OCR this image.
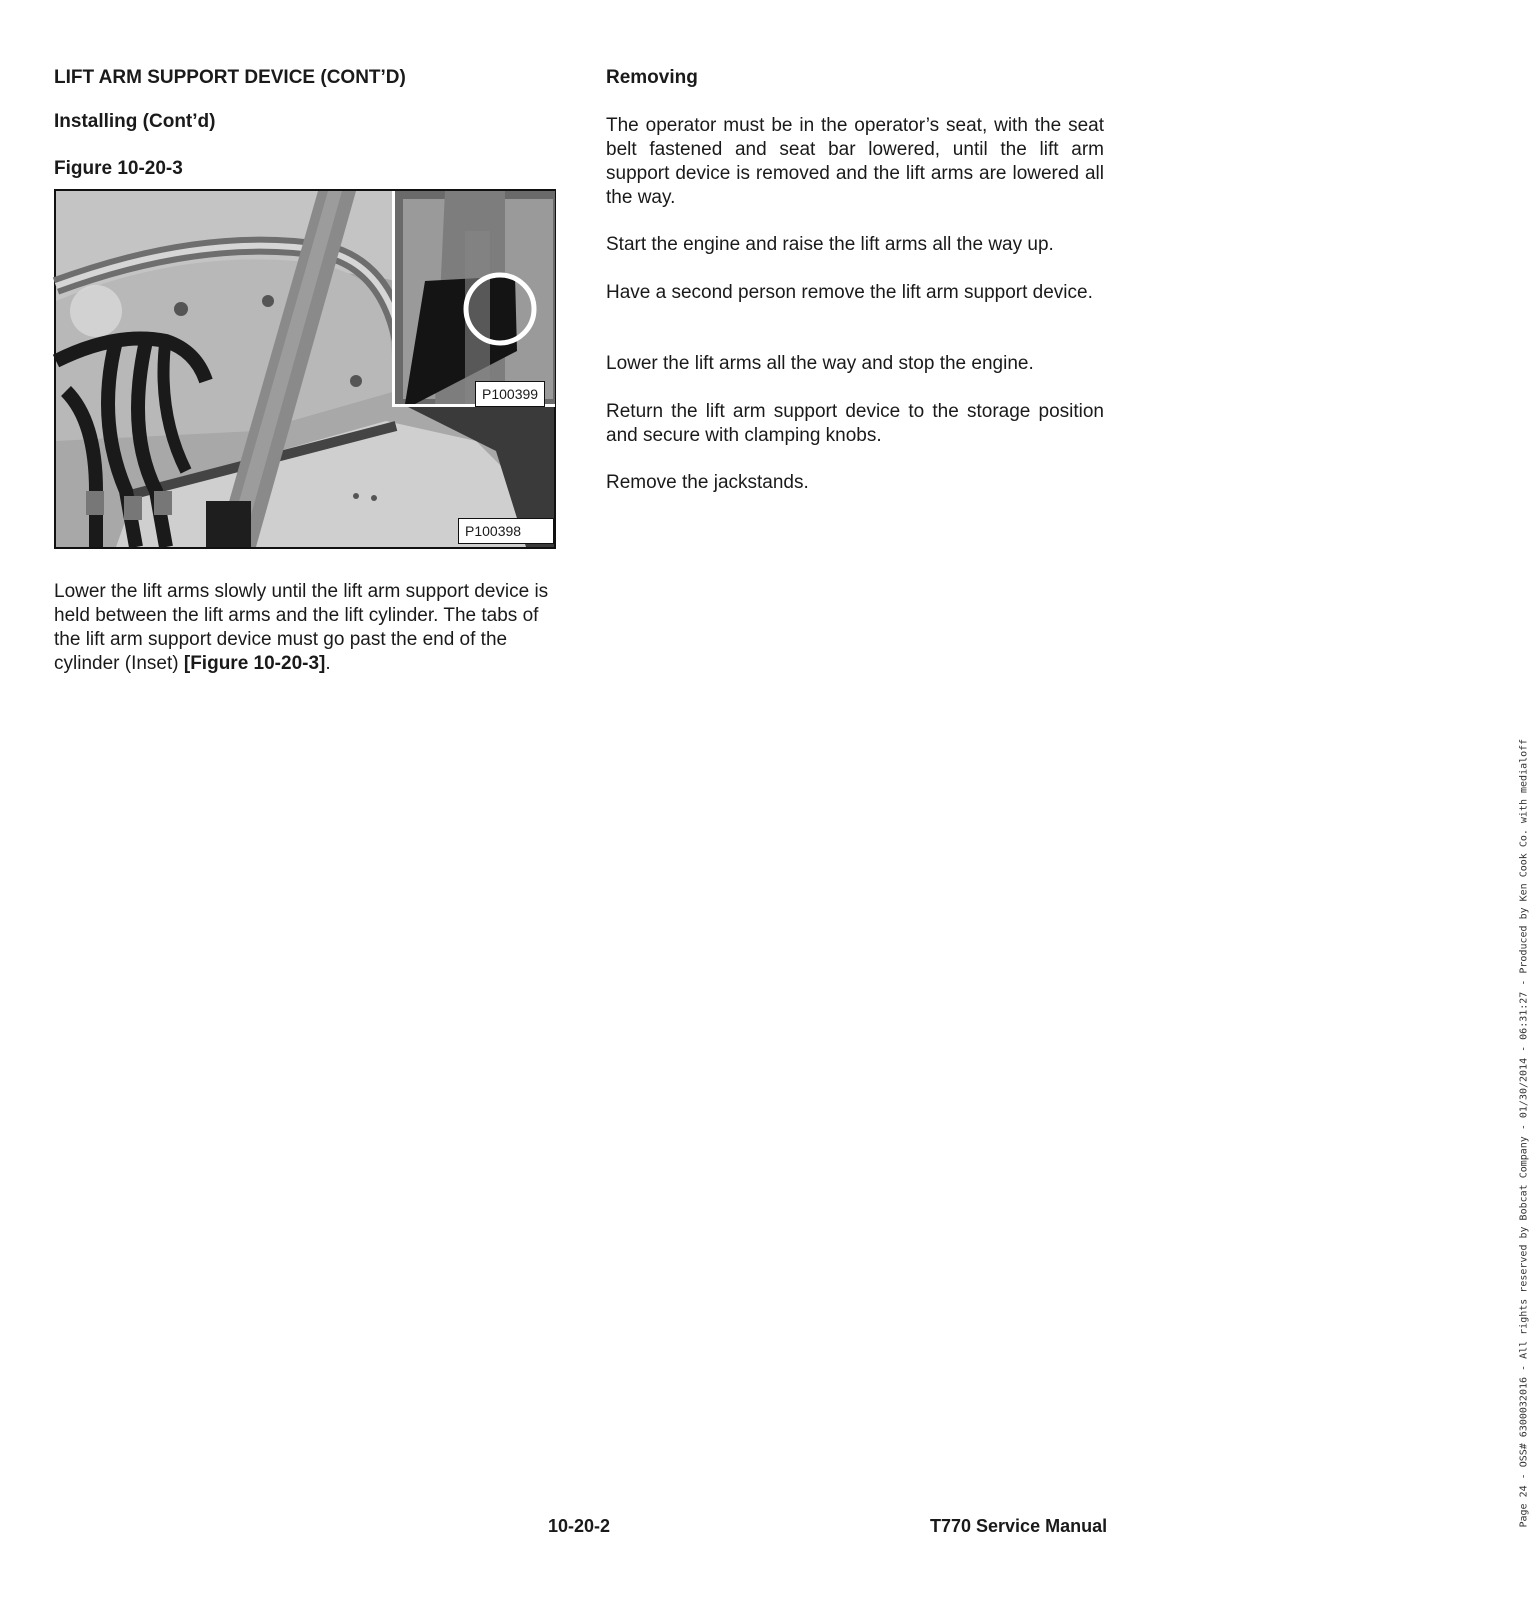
LIFT ARM SUPPORT DEVICE (CONT’D)
Installing (Cont’d)
Figure 10-20-3
P100399
P100398

Lower the lift arms slowly until the lift arm support device is held between the lift arms and the lift cylinder. The tabs of the lift arm support device must go past the end of the cylinder (Inset) [Figure 10-20-3].

Removing

The operator must be in the operator’s seat, with the seat belt fastened and seat bar lowered, until the lift arm support device is removed and the lift arms are lowered all the way.

Start the engine and raise the lift arms all the way up.

Have a second person remove the lift arm support device.

Lower the lift arms all the way and stop the engine.

Return the lift arm support device to the storage position and secure with clamping knobs.

Remove the jackstands.

10-20-2	T770 Service Manual	Page 24 - OSS# 6300032016 - All rights reserved by Bobcat Company - 01/30/2014 - 06:31:27 - Produced by Ken Cook Co. with medialoff
